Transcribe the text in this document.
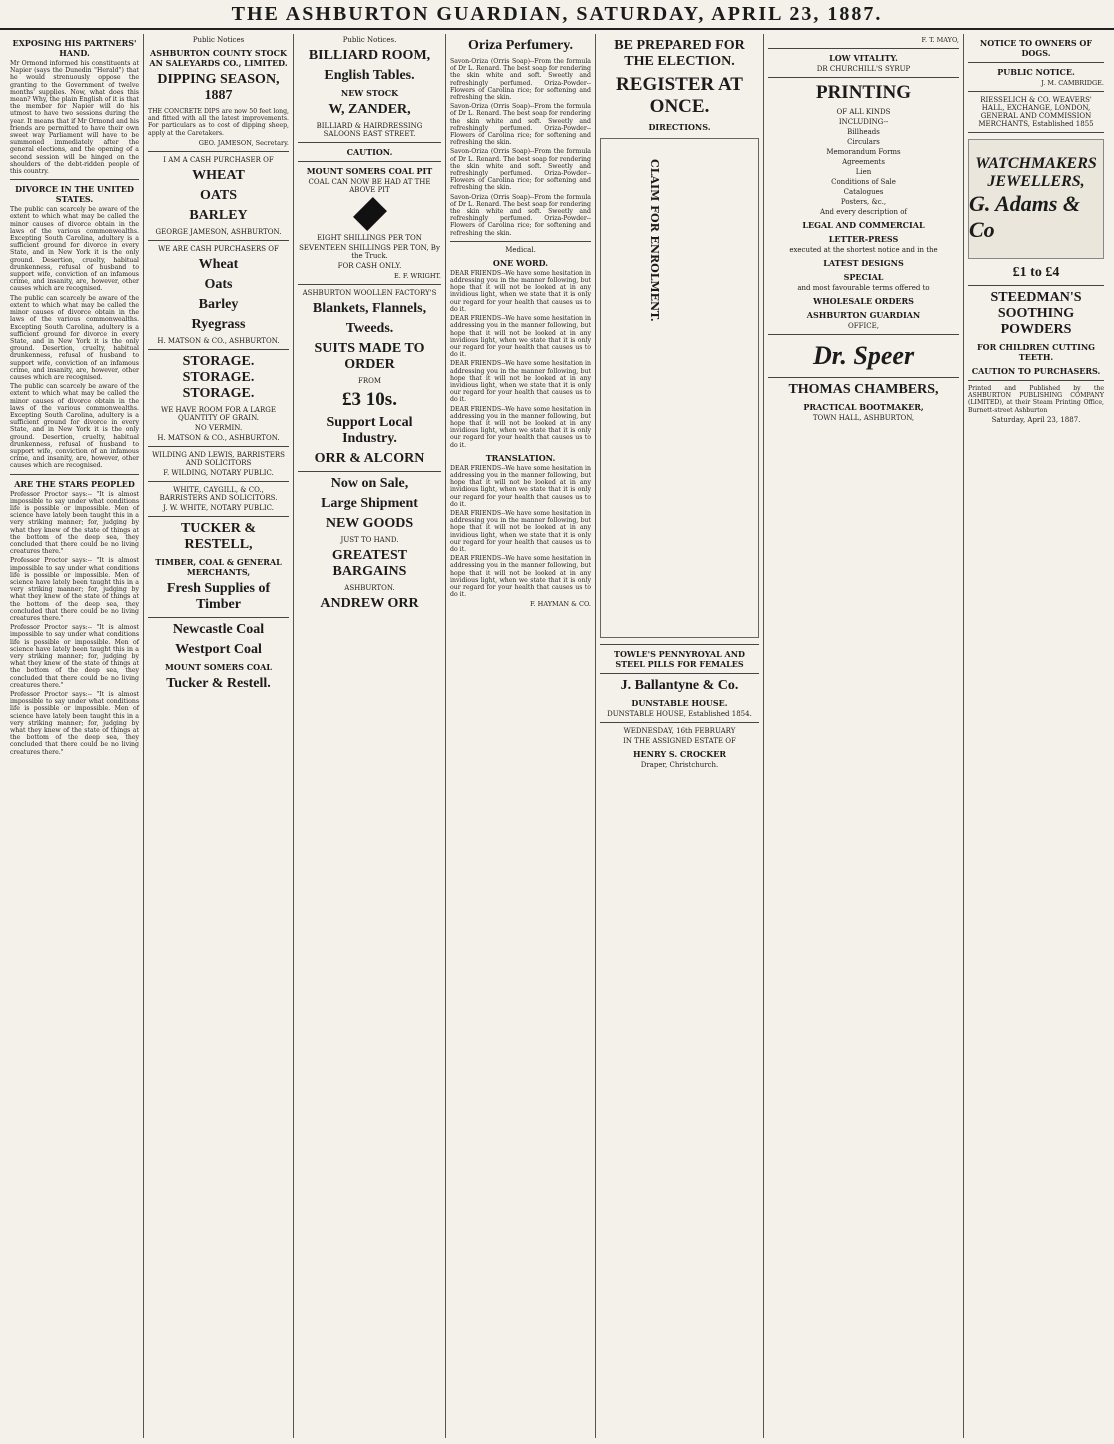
THE ASHBURTON GUARDIAN, SATURDAY, APRIL 23, 1887.
EXPOSING HIS PARTNERS' HAND.
Mr Ormond informed his constituents at Napier (says the Dunedin "Herald") that he would strenuously oppose the granting to the Government of twelve months' supplies. Now, what does this mean? Why, the plain English of it is that the member for Napier will do his utmost to have two sessions during the year. It means that if Mr Ormond and his friends are permitted to have their own sweet way Parliament will have to be summoned immediately after the general elections, and the opening of a second session will be hinged on the shoulders of the debt-ridden people of this country.
DIVORCE IN THE UNITED STATES.
The public can scarcely be aware of the extent to which what may be called the minor causes of divorce obtain in the laws of the various commonwealths. Excepting South Carolina, adultery is a sufficient ground for divorce in every State, and in New York it is the only ground. Desertion, cruelty, habitual drunkenness, refusal of husband to support wife, conviction of an infamous crime, and insanity, are, however, other causes which are recognised.
The public can scarcely be aware of the extent to which what may be called the minor causes of divorce obtain in the laws of the various commonwealths. Excepting South Carolina, adultery is a sufficient ground for divorce in every State, and in New York it is the only ground. Desertion, cruelty, habitual drunkenness, refusal of husband to support wife, conviction of an infamous crime, and insanity, are, however, other causes which are recognised.
The public can scarcely be aware of the extent to which what may be called the minor causes of divorce obtain in the laws of the various commonwealths. Excepting South Carolina, adultery is a sufficient ground for divorce in every State, and in New York it is the only ground. Desertion, cruelty, habitual drunkenness, refusal of husband to support wife, conviction of an infamous crime, and insanity, are, however, other causes which are recognised.
ARE THE STARS PEOPLED
Professor Proctor says:-- "It is almost impossible to say under what conditions life is possible or impossible. Men of science have lately been taught this in a very striking manner; for, judging by what they knew of the state of things at the bottom of the deep sea, they concluded that there could be no living creatures there."
Professor Proctor says:-- "It is almost impossible to say under what conditions life is possible or impossible. Men of science have lately been taught this in a very striking manner; for, judging by what they knew of the state of things at the bottom of the deep sea, they concluded that there could be no living creatures there."
Professor Proctor says:-- "It is almost impossible to say under what conditions life is possible or impossible. Men of science have lately been taught this in a very striking manner; for, judging by what they knew of the state of things at the bottom of the deep sea, they concluded that there could be no living creatures there."
Professor Proctor says:-- "It is almost impossible to say under what conditions life is possible or impossible. Men of science have lately been taught this in a very striking manner; for, judging by what they knew of the state of things at the bottom of the deep sea, they concluded that there could be no living creatures there."
Public Notices
ASHBURTON COUNTY STOCK AN SALEYARDS CO., LIMITED.
DIPPING SEASON, 1887
THE CONCRETE DIPS are now 50 feet long, and fitted with all the latest improvements. For particulars as to cost of dipping sheep, apply at the Caretakers.
GEO. JAMESON, Secretary.
I AM A CASH PURCHASER OF
WHEAT
OATS
BARLEY
GEORGE JAMESON, ASHBURTON.
WE ARE CASH PURCHASERS OF
Wheat
Oats
Barley
Ryegrass
H. MATSON & CO., ASHBURTON.
STORAGE. STORAGE. STORAGE.
WE HAVE ROOM FOR A LARGE QUANTITY OF GRAIN.
NO VERMIN.
H. MATSON & CO., ASHBURTON.
WILDING AND LEWIS, BARRISTERS AND SOLICITORS
F. WILDING, NOTARY PUBLIC.
WHITE, CAYGILL, & CO., BARRISTERS AND SOLICITORS.
J. W. WHITE, NOTARY PUBLIC.
TUCKER & RESTELL,
TIMBER, COAL & GENERAL MERCHANTS,
Fresh Supplies of Timber
Newcastle Coal
Westport Coal
MOUNT SOMERS COAL
Tucker & Restell.
Public Notices.
BILLIARD ROOM,
English Tables.
NEW STOCK
W, ZANDER,
BILLIARD & HAIRDRESSING SALOONS EAST STREET.
CAUTION.
MOUNT SOMERS COAL PIT
COAL CAN NOW BE HAD AT THE ABOVE PIT
EIGHT SHILLINGS PER TON
SEVENTEEN SHILLINGS PER TON, By the Truck.
FOR CASH ONLY.
E. F. WRIGHT.
ASHBURTON WOOLLEN FACTORY'S
Blankets, Flannels,
Tweeds.
SUITS MADE TO ORDER
FROM
£3 10s.
Support Local Industry.
ORR & ALCORN
Now on Sale,
Large Shipment
NEW GOODS
JUST TO HAND.
GREATEST BARGAINS
ASHBURTON.
ANDREW ORR
Oriza Perfumery.
Savon-Oriza (Orris Soap)--From the formula of Dr L. Renard. The best soap for rendering the skin white and soft. Sweetly and refreshingly perfumed. Oriza-Powder--Flowers of Carolina rice; for softening and refreshing the skin.
Savon-Oriza (Orris Soap)--From the formula of Dr L. Renard. The best soap for rendering the skin white and soft. Sweetly and refreshingly perfumed. Oriza-Powder--Flowers of Carolina rice; for softening and refreshing the skin.
Savon-Oriza (Orris Soap)--From the formula of Dr L. Renard. The best soap for rendering the skin white and soft. Sweetly and refreshingly perfumed. Oriza-Powder--Flowers of Carolina rice; for softening and refreshing the skin.
Savon-Oriza (Orris Soap)--From the formula of Dr L. Renard. The best soap for rendering the skin white and soft. Sweetly and refreshingly perfumed. Oriza-Powder--Flowers of Carolina rice; for softening and refreshing the skin.
Medical.
ONE WORD.
DEAR FRIENDS--We have some hesitation in addressing you in the manner following, but hope that it will not be looked at in any invidious light, when we state that it is only our regard for your health that causes us to do it.
DEAR FRIENDS--We have some hesitation in addressing you in the manner following, but hope that it will not be looked at in any invidious light, when we state that it is only our regard for your health that causes us to do it.
DEAR FRIENDS--We have some hesitation in addressing you in the manner following, but hope that it will not be looked at in any invidious light, when we state that it is only our regard for your health that causes us to do it.
DEAR FRIENDS--We have some hesitation in addressing you in the manner following, but hope that it will not be looked at in any invidious light, when we state that it is only our regard for your health that causes us to do it.
TRANSLATION.
DEAR FRIENDS--We have some hesitation in addressing you in the manner following, but hope that it will not be looked at in any invidious light, when we state that it is only our regard for your health that causes us to do it.
DEAR FRIENDS--We have some hesitation in addressing you in the manner following, but hope that it will not be looked at in any invidious light, when we state that it is only our regard for your health that causes us to do it.
DEAR FRIENDS--We have some hesitation in addressing you in the manner following, but hope that it will not be looked at in any invidious light, when we state that it is only our regard for your health that causes us to do it.
F. HAYMAN & CO.
BE PREPARED FOR THE ELECTION.
REGISTER AT ONCE.
DIRECTIONS.
CLAIM FOR ENROLMENT.
TOWLE'S PENNYROYAL AND STEEL PILLS FOR FEMALES
J. Ballantyne & Co.
DUNSTABLE HOUSE.
DUNSTABLE HOUSE, Established 1854.
WEDNESDAY, 16th FEBRUARY
IN THE ASSIGNED ESTATE OF
HENRY S. CROCKER
Draper, Christchurch.
F. T. MAYO,
LOW VITALITY.
DR CHURCHILL'S SYRUP
PRINTING
OF ALL KINDS
INCLUDING--
Billheads
Circulars
Memorandum Forms
Agreements
Lien
Conditions of Sale
Catalogues
Posters, &c.,
And every description of
LEGAL AND COMMERCIAL
LETTER-PRESS
executed at the shortest notice and in the
LATEST DESIGNS
SPECIAL
and most favourable terms offered to
WHOLESALE ORDERS
ASHBURTON GUARDIAN
OFFICE,
Dr. Speer
THOMAS CHAMBERS,
PRACTICAL BOOTMAKER,
TOWN HALL, ASHBURTON,
NOTICE TO OWNERS OF DOGS.
PUBLIC NOTICE.
J. M. CAMBRIDGE.
RIESSELICH & CO. WEAVERS' HALL, EXCHANGE, LONDON, GENERAL AND COMMISSION MERCHANTS, Established 1855
WATCHMAKERS
JEWELLERS,
G. Adams & Co
£1 to £4
STEEDMAN'S SOOTHING POWDERS
FOR CHILDREN CUTTING TEETH.
CAUTION TO PURCHASERS.
Printed and Published by the ASHBURTON PUBLISHING COMPANY (LIMITED), at their Steam Printing Office, Burnett-street Ashburton
Saturday, April 23, 1887.
